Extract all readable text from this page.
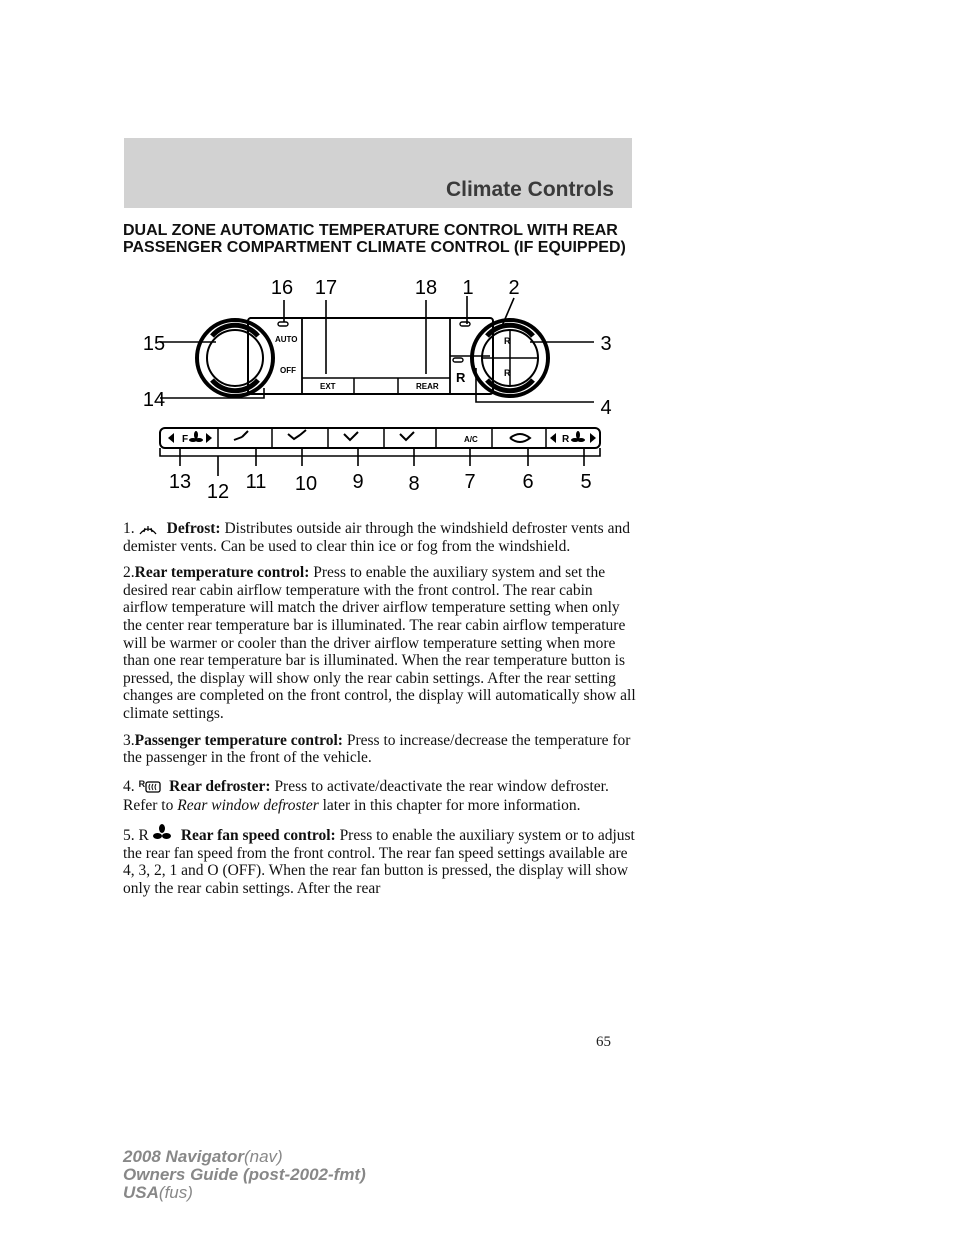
Climate Controls
DUAL ZONE AUTOMATIC TEMPERATURE CONTROL WITH REAR
PASSENGER COMPARTMENT CLIMATE CONTROL (IF EQUIPPED)
AUTO
OFF
EXT	REAR
A/C
R
R
R
F	R
1 2
3
4
5
6
7
8
9
10
11
12
13
14
15
16 17	18

1. Defrost: Distributes outside air through the windshield defroster vents and demister vents. Can be used to clear thin ice or fog from the windshield.

2.Rear temperature control: Press to enable the auxiliary system and set the desired rear cabin airflow temperature with the front control. The rear cabin airflow temperature will match the driver airflow temperature setting when only the center rear temperature bar is illuminated. The rear cabin airflow temperature will be warmer or cooler than the driver airflow temperature setting when more than one rear temperature bar is illuminated. When the rear temperature button is pressed, the display will show only the rear cabin settings. After the rear setting changes are completed on the front control, the display will automatically show all climate settings.

3.Passenger temperature control: Press to increase/decrease the temperature for the passenger in the front of the vehicle.

4. $^R$ Rear defroster: Press to activate/deactivate the rear window defroster. Refer to Rear window defroster later in this chapter for more information.

5. R Rear fan speed control: Press to enable the auxiliary system or to adjust the rear fan speed from the front control. The rear fan speed settings available are 4, 3, 2, 1 and O (OFF). When the rear fan button is pressed, the display will show only the rear cabin settings. After the rear

65
2008 Navigator(nav)
Owners Guide (post-2002-fmt)
USA(fus)
